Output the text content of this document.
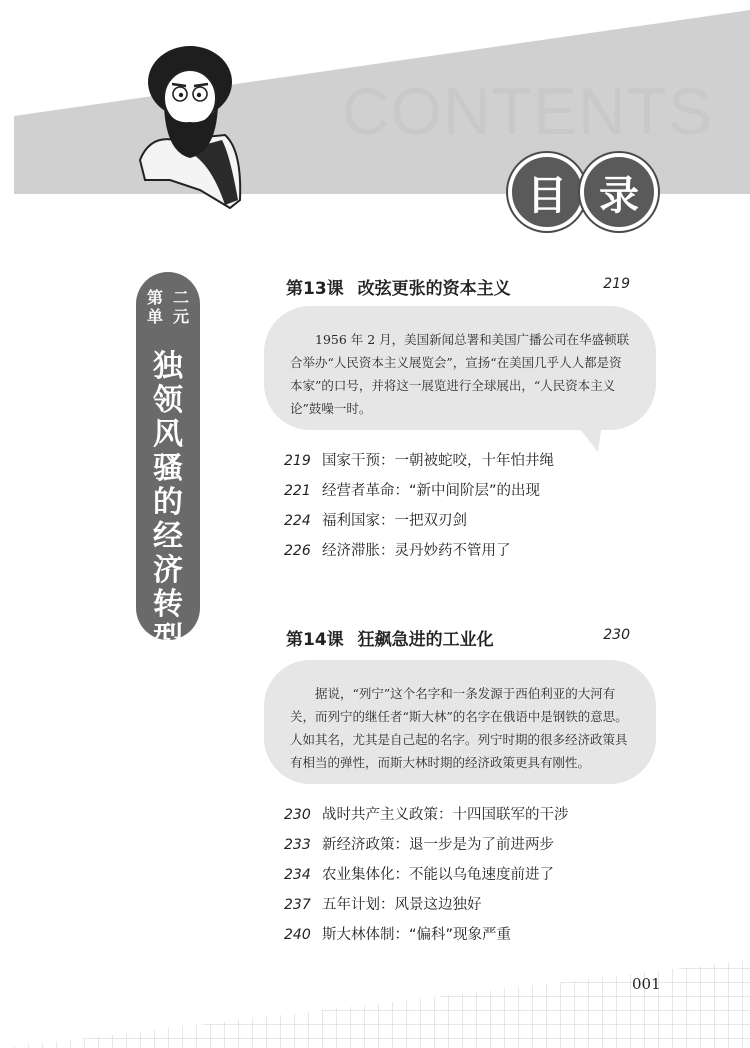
CONTENTS
目 录
第 二
单 元
独
领
风
骚
的
经
济
转
型
第13课 改弦更张的资本主义	219

1956 年 2 月，美国新闻总署和美国广播公司在华盛顿联合举办“人民资本主义展览会”，宣扬“在美国几乎人人都是资本家”的口号，并将这一展览进行全球展出，“人民资本主义论”鼓噪一时。

219 国家干预：一朝被蛇咬，十年怕井绳
221 经营者革命：“新中间阶层”的出现
224 福利国家：一把双刃剑
226 经济滞胀：灵丹妙药不管用了
第14课 狂飙急进的工业化	230

据说，“列宁”这个名字和一条发源于西伯利亚的大河有关，而列宁的继任者“斯大林”的名字在俄语中是钢铁的意思。人如其名，尤其是自己起的名字。列宁时期的很多经济政策具有相当的弹性，而斯大林时期的经济政策更具有刚性。

230 战时共产主义政策：十四国联军的干涉
233 新经济政策：退一步是为了前进两步
234 农业集体化：不能以乌龟速度前进了
237 五年计划：风景这边独好
240 斯大林体制：“偏科”现象严重
001
